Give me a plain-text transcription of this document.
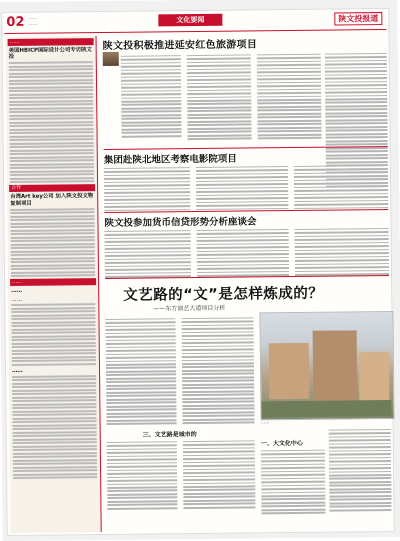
02 ……
……
文化要闻	陕文投报道
……
美国HBICP国际设计公司专访陕文投
合作
台湾Art key公司 加入陕文投文物复制项目
……
……
……
……
陕文投积极推进延安红色旅游项目
集团赴陕北地区考察电影院项目
陕文投参加货币信贷形势分析座谈会
文艺路的“文”是怎样炼成的？
——东方演艺大道项目分析
……
三、文艺路是城市的
一、大文化中心
